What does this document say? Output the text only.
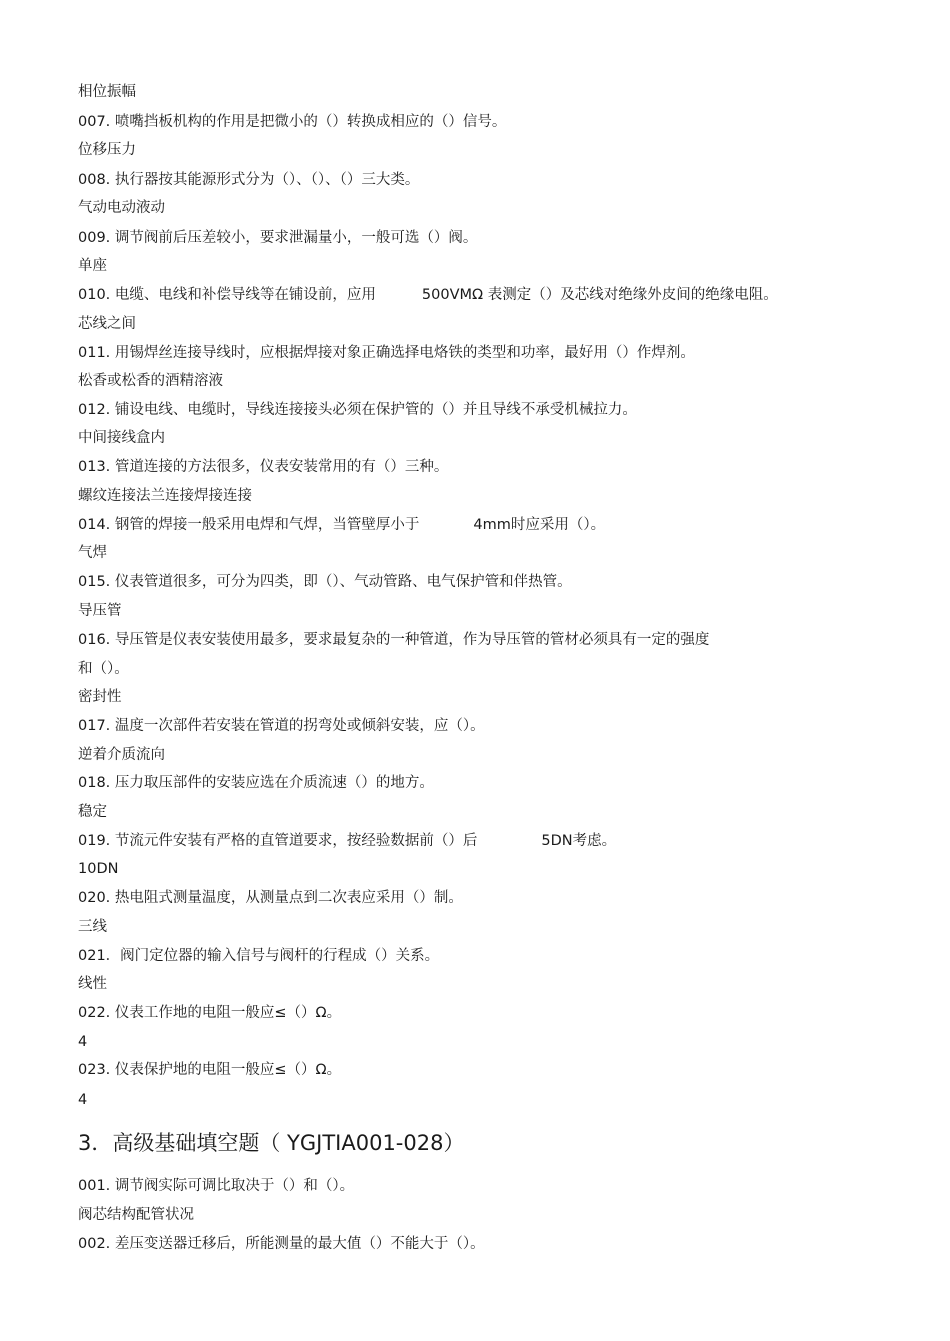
相位振幅
007. 喷嘴挡板机构的作用是把微小的（）转换成相应的（）信号。
位移压力
008. 执行器按其能源形式分为（）、（）、（）三大类。
气动电动液动
009. 调节阀前后压差较小，要求泄漏量小，一般可选（）阀。
单座
010. 电缆、电线和补偿导线等在铺设前，应用	500VMΩ 表测定（）及芯线对绝缘外皮间的绝缘电阻。
芯线之间
011. 用锡焊丝连接导线时，应根据焊接对象正确选择电烙铁的类型和功率，最好用（）作焊剂。
松香或松香的酒精溶液
012. 铺设电线、电缆时，导线连接接头必须在保护管的（）并且导线不承受机械拉力。
中间接线盒内
013. 管道连接的方法很多，仪表安装常用的有（）三种。
螺纹连接法兰连接焊接连接
014. 钢管的焊接一般采用电焊和气焊，当管壁厚小于	4mm时应采用（）。
气焊
015. 仪表管道很多，可分为四类，即（）、气动管路、电气保护管和伴热管。
导压管
016. 导压管是仪表安装使用最多，要求最复杂的一种管道，作为导压管的管材必须具有一定的强度
和（）。
密封性
017. 温度一次部件若安装在管道的拐弯处或倾斜安装，应（）。
逆着介质流向
018. 压力取压部件的安装应选在介质流速（）的地方。
稳定
019. 节流元件安装有严格的直管道要求，按经验数据前（）后	5DN考虑。
10DN
020. 热电阻式测量温度，从测量点到二次表应采用（）制。
三线
021．阀门定位器的输入信号与阀杆的行程成（）关系。
线性
022. 仪表工作地的电阻一般应≤（）Ω。
4
023. 仪表保护地的电阻一般应≤（）Ω。
4
3．高级基础填空题（ YGJTIA001-028）
001. 调节阀实际可调比取决于（）和（）。
阀芯结构配管状况
002. 差压变送器迁移后，所能测量的最大值（）不能大于（）。
